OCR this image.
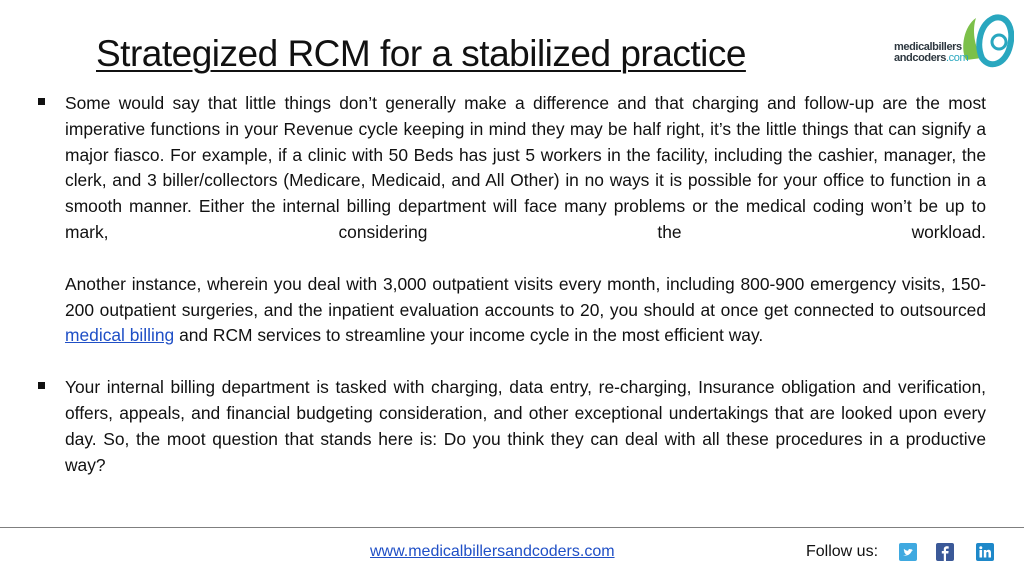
Strategized RCM for a stabilized practice	medicalbillers
andcoders.com

Some would say that little things don’t generally make a difference and that charging and follow-up are the most imperative functions in your Revenue cycle keeping in mind they may be half right, it’s the little things that can signify a major fiasco. For example, if a clinic with 50 Beds has just 5 workers in the facility, including the cashier, manager, the clerk, and 3 biller/collectors (Medicare, Medicaid, and All Other) in no ways it is possible for your office to function in a smooth manner. Either the internal billing department will face many problems or the medical coding won’t be up to mark, considering the workload.

Another instance, wherein you deal with 3,000 outpatient visits every month, including 800-900 emergency visits, 150-200 outpatient surgeries, and the inpatient evaluation accounts to 20, you should at once get connected to outsourced medical billing and RCM services to streamline your income cycle in the most efficient way.

Your internal billing department is tasked with charging, data entry, re-charging, Insurance obligation and verification, offers, appeals, and financial budgeting consideration, and other exceptional undertakings that are looked upon every day. So, the moot question that stands here is: Do you think they can deal with all these procedures in a productive way?

www.medicalbillersandcoders.com	Follow us:
